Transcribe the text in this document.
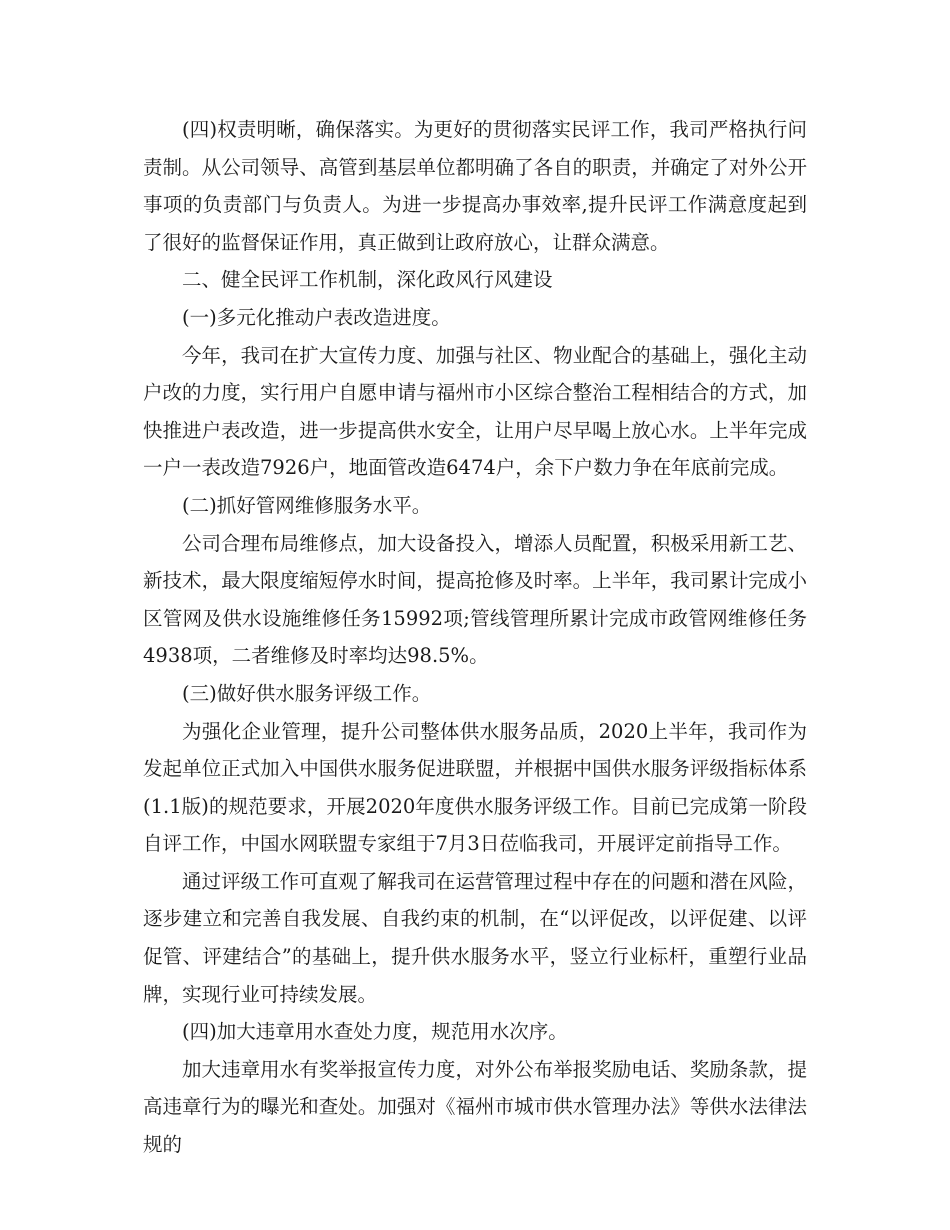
(四)权责明晰，确保落实。为更好的贯彻落实民评工作，我司严格执行问责制。从公司领导、高管到基层单位都明确了各自的职责，并确定了对外公开事项的负责部门与负责人。为进一步提高办事效率,提升民评工作满意度起到了很好的监督保证作用，真正做到让政府放心，让群众满意。

二、健全民评工作机制，深化政风行风建设

(一)多元化推动户表改造进度。

今年，我司在扩大宣传力度、加强与社区、物业配合的基础上，强化主动户改的力度，实行用户自愿申请与福州市小区综合整治工程相结合的方式，加快推进户表改造，进一步提高供水安全，让用户尽早喝上放心水。上半年完成一户一表改造7926户，地面管改造6474户，余下户数力争在年底前完成。

(二)抓好管网维修服务水平。

公司合理布局维修点，加大设备投入，增添人员配置，积极采用新工艺、新技术，最大限度缩短停水时间，提高抢修及时率。上半年，我司累计完成小区管网及供水设施维修任务15992项;管线管理所累计完成市政管网维修任务4938项，二者维修及时率均达98.5%。

(三)做好供水服务评级工作。

为强化企业管理，提升公司整体供水服务品质，2020上半年，我司作为发起单位正式加入中国供水服务促进联盟，并根据中国供水服务评级指标体系(1.1版)的规范要求，开展2020年度供水服务评级工作。目前已完成第一阶段自评工作，中国水网联盟专家组于7月3日莅临我司，开展评定前指导工作。

通过评级工作可直观了解我司在运营管理过程中存在的问题和潜在风险，逐步建立和完善自我发展、自我约束的机制，在“以评促改，以评促建、以评促管、评建结合”的基础上，提升供水服务水平，竖立行业标杆，重塑行业品牌，实现行业可持续发展。

(四)加大违章用水查处力度，规范用水次序。

加大违章用水有奖举报宣传力度，对外公布举报奖励电话、奖励条款，提高违章行为的曝光和查处。加强对《福州市城市供水管理办法》等供水法律法规的
